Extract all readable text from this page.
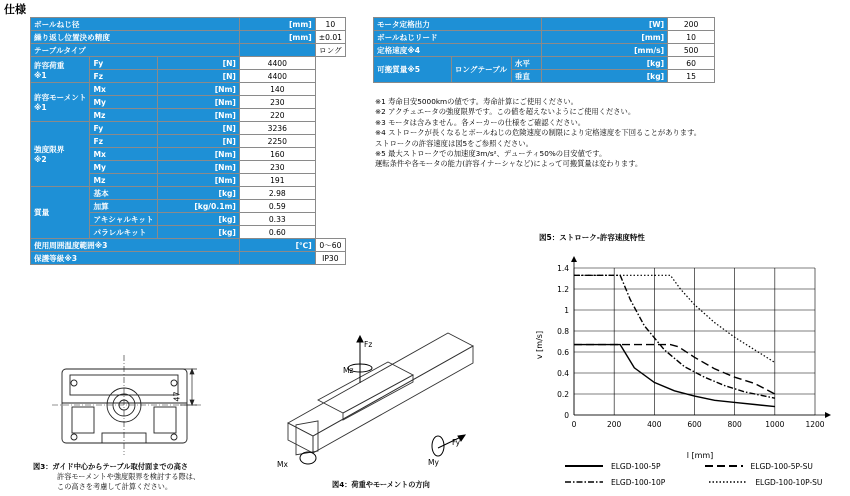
仕様
ボールねじ径			[mm]	10
繰り返し位置決め精度			[mm]	±0.01
テーブルタイプ				ロング

許容荷重
※1	Fy	[N]	4400	
	Fz	[N]	4400	

許容モーメント
※1	Mx	[Nm]	140	
	My	[Nm]	230	
	Mz	[Nm]	220	

強度限界
※2	Fy	[N]	3236	
	Fz	[N]	2250	
	Mx	[Nm]	160	
	My	[Nm]	230	
	Mz	[Nm]	191	

質量	基本	[kg]	2.98	
	加算	[kg/0.1m]	0.59	
	アキシャルキット	[kg]	0.33	
	パラレルキット	[kg]	0.60	
使用周囲温度範囲※3			[℃]	0〜60
保護等級※3				IP30
モータ定格出力			[W]	200
ボールねじリード			[mm]	10
定格速度※4			[mm/s]	500
可搬質量※5	ロングテーブル	水平	[kg]	60
		垂直	[kg]	15
※1 寿命目安5000kmの値です。寿命計算にご使用ください。
※2 アクチュエータの強度限界です。この値を超えないようにご使用ください。
※3 モータは含みません。各メーカーの仕様をご確認ください。
※4 ストロークが長くなるとボールねじの危険速度の制限により定格速度を下回ることがあります。
ストロークの許容速度は図5をご参照ください。
※5 最大ストロークでの加速度3m/s²、デューティ50%の目安値です。
運転条件や各モータの能力(許容イナーシャなど)によって可搬質量は変わります。
47
図3：ガイド中心からテーブル取付面までの高さ
許容モーメントや強度限界を検討する際は、
この高さを考慮して計算ください。
Fz
Mz
Fy
My
Mx
図4：荷重やモーメントの方向
図5：ストローク-許容速度特性
0
0.2
0.4
0.6
0.8
1
1.2
1.4
0	200	400	600	800	1000	1200
v [m/s]
l [mm]
ELGD-100-5P	ELGD-100-5P-SU
ELGD-100-10P	ELGD-100-10P-SU
